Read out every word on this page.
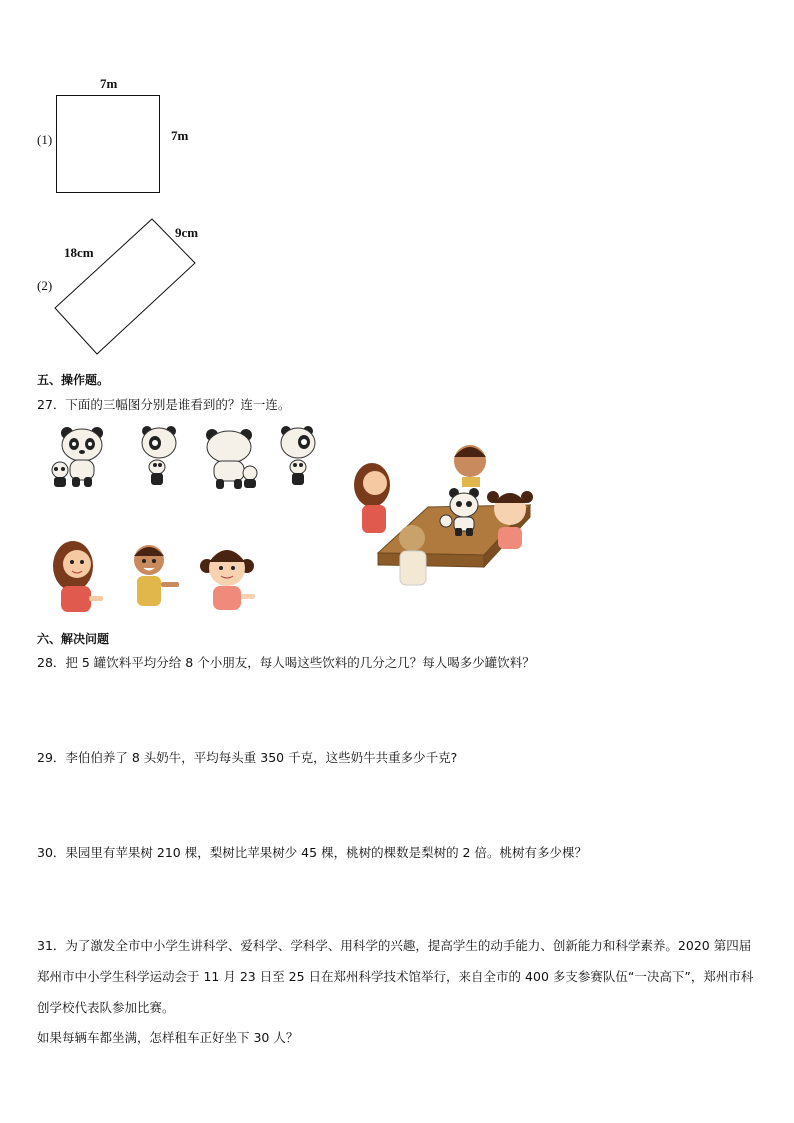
7m
7m
(1)
18cm
9cm
(2)
五、操作题。
27．下面的三幅图分别是谁看到的？连一连。
六、解决问题
28．把 5 罐饮料平均分给 8 个小朋友，每人喝这些饮料的几分之几？每人喝多少罐饮料？
29．李伯伯养了 8 头奶牛，平均每头重 350 千克，这些奶牛共重多少千克?
30．果园里有苹果树 210 棵，梨树比苹果树少 45 棵，桃树的棵数是梨树的 2 倍。桃树有多少棵？
31．为了激发全市中小学生讲科学、爱科学、学科学、用科学的兴趣，提高学生的动手能力、创新能力和科学素养。2020 第四届郑州市中小学生科学运动会于 11 月 23 日至 25 日在郑州科学技术馆举行，来自全市的 400 多支参赛队伍“一决高下”，郑州市科创学校代表队参加比赛。
如果每辆车都坐满，怎样租车正好坐下 30 人？
